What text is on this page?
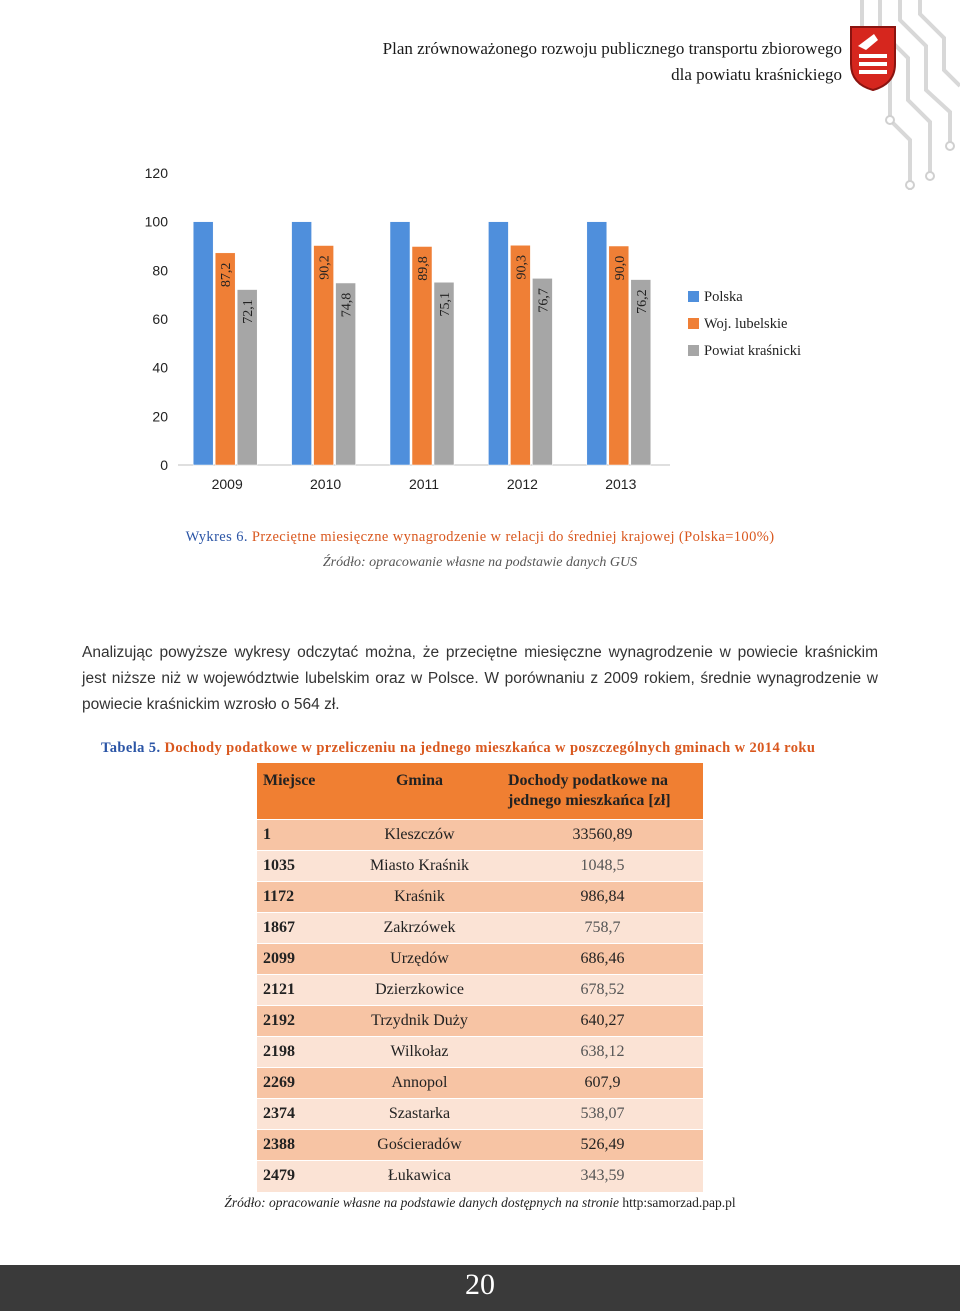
Plan zrównoważonego rozwoju publicznego transportu zbiorowego
dla powiatu kraśnickiego
0
20
40
60
80
100
120
87,2
72,1
2009
90,2
74,8
2010
89,8
75,1
2011
90,3
76,7
2012
90,0
76,2
2013
Polska
Woj. lubelskie
Powiat kraśnicki
Wykres 6. Przeciętne miesięczne wynagrodzenie w relacji do średniej krajowej (Polska=100%)
Źródło: opracowanie własne na podstawie danych GUS
Analizując powyższe wykresy odczytać można, że przeciętne miesięczne wynagrodzenie w powiecie kraśnickim jest niższe niż w województwie lubelskim oraz w Polsce. W porównaniu z 2009 rokiem, średnie wynagrodzenie w powiecie kraśnickim wzrosło o 564 zł.
Tabela 5. Dochody podatkowe w przeliczeniu na jednego mieszkańca w poszczególnych gminach w 2014 roku
Miejsce	Gmina	Dochody podatkowe na jednego mieszkańca [zł]
1	Kleszczów	33560,89
1035	Miasto Kraśnik	1048,5
1172	Kraśnik	986,84
1867	Zakrzówek	758,7
2099	Urzędów	686,46
2121	Dzierzkowice	678,52
2192	Trzydnik Duży	640,27
2198	Wilkołaz	638,12
2269	Annopol	607,9
2374	Szastarka	538,07
2388	Gościeradów	526,49
2479	Łukawica	343,59
Źródło: opracowanie własne na podstawie danych dostępnych na stronie http:samorzad.pap.pl
20
